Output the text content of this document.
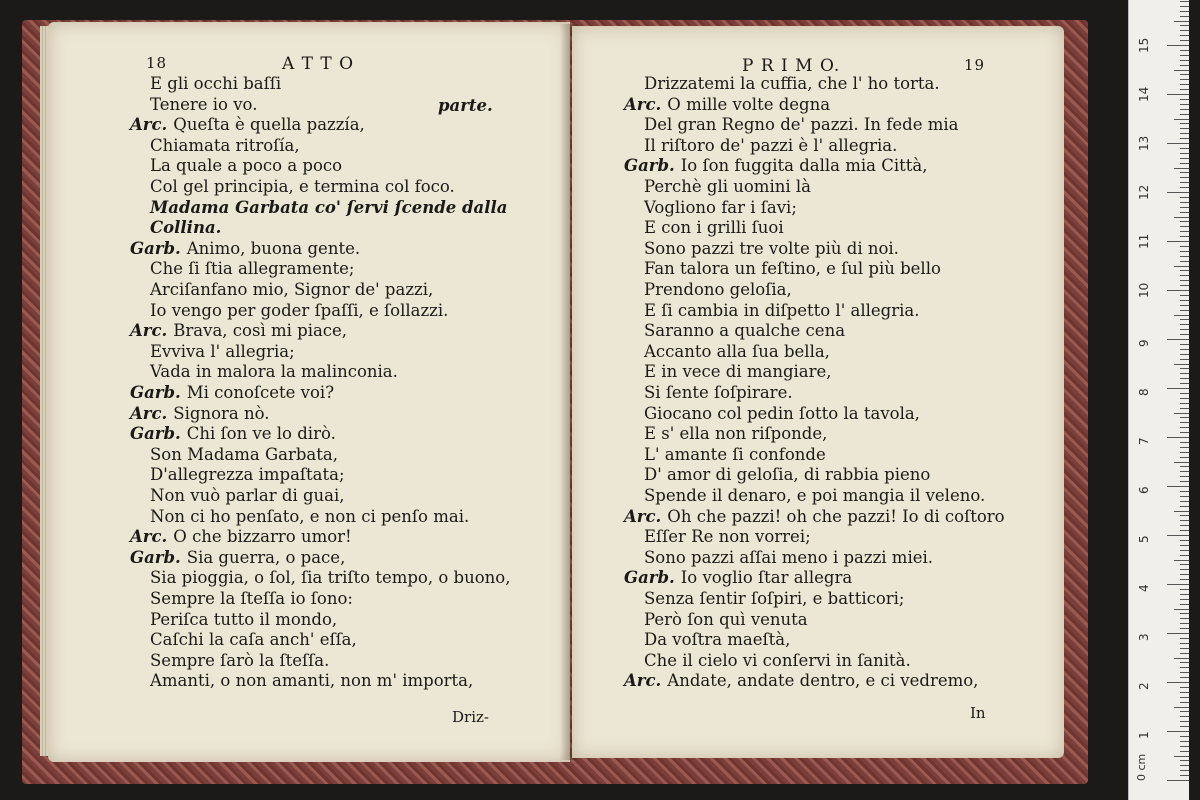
18	A T T O
E gli occhi baſſi
Tenere io vo.
Arc. Queſta è quella pazzía,
Chiamata ritroſía,
La quale a poco a poco
Col gel principia, e termina col foco.
Madama Garbata co' ſervi ſcende dalla
Collina.
Garb. Animo, buona gente.
Che ſi ſtia allegramente;
Arciſanfano mio, Signor de' pazzi,
Io vengo per goder ſpaſſi, e ſollazzi.
Arc. Brava, così mi piace,
Evviva l' allegria;
Vada in malora la malinconia.
Garb. Mi conoſcete voi?
Arc. Signora nò.
Garb. Chi ſon ve lo dirò.
Son Madama Garbata,
D'allegrezza impaſtata;
Non vuò parlar di guai,
Non ci ho penſato, e non ci penſo mai.
Arc. O che bizzarro umor!
Garb. Sia guerra, o pace,
Sia pioggia, o ſol, ſia triſto tempo, o buono,
Sempre la ſteſſa io ſono:
Periſca tutto il mondo,
Caſchi la caſa anch' eſſa,
Sempre ſarò la ſteſſa.
Amanti, o non amanti, non m' importa,
parte.
Driz-
P R I M O.	19
Drizzatemi la cuffia, che l' ho torta.
Arc. O mille volte degna
Del gran Regno de' pazzi. In fede mia
Il riſtoro de' pazzi è l' allegria.
Garb. Io ſon fuggita dalla mia Città,
Perchè gli uomini là
Vogliono far i ſavi;
E con i grilli ſuoi
Sono pazzi tre volte più di noi.
Fan talora un feſtino, e ſul più bello
Prendono geloſia,
E ſi cambia in diſpetto l' allegria.
Saranno a qualche cena
Accanto alla ſua bella,
E in vece di mangiare,
Si ſente ſoſpirare.
Giocano col pedin ſotto la tavola,
E s' ella non riſponde,
L' amante ſi confonde
D' amor di geloſia, di rabbia pieno
Spende il denaro, e poi mangia il veleno.
Arc. Oh che pazzi! oh che pazzi! Io di coſtoro
Eſſer Re non vorrei;
Sono pazzi aſſai meno i pazzi miei.
Garb. Io voglio ſtar allegra
Senza ſentir ſoſpiri, e batticori;
Però ſon quì venuta
Da voſtra maeſtà,
Che il cielo vi conſervi in ſanità.
Arc. Andate, andate dentro, e ci vedremo,
In
1
2
3
4
5
6
7
8
9
10
11
12
13
14
15
0 cm
